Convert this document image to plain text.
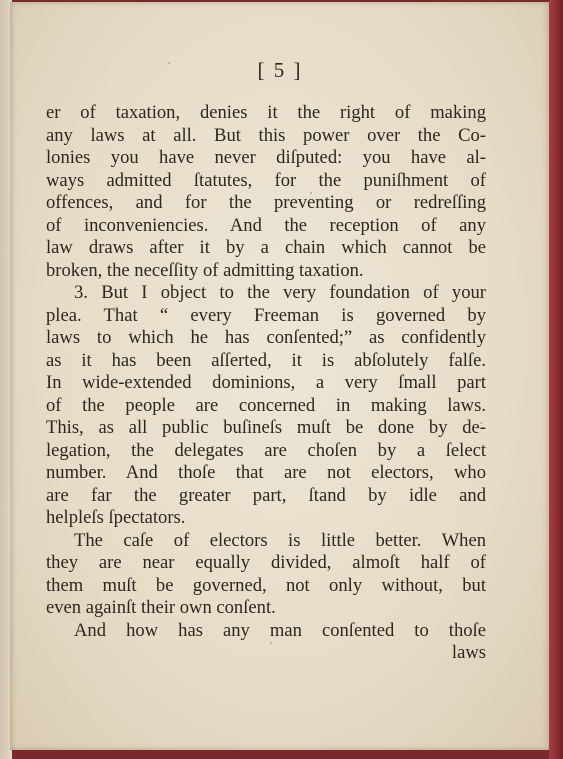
[ 5 ]
er of taxation, denies it the right of making
any laws at all. But this power over the Co-
lonies you have never diſputed: you have al-
ways admitted ſtatutes, for the puniſhment of
offences, and for the preventing or redreſſing
of inconveniencies. And the reception of any
law draws after it by a chain which cannot be
broken, the neceſſity of admitting taxation.
3. But I object to the very foundation of your
plea. That “ every Freeman is governed by
laws to which he has conſented;” as confidently
as it has been aſſerted, it is abſolutely falſe.
In wide-extended dominions, a very ſmall part
of the people are concerned in making laws.
This, as all public buſineſs muſt be done by de-
legation, the delegates are choſen by a ſelect
number. And thoſe that are not electors, who
are far the greater part, ſtand by idle and
helpleſs ſpectators.
The caſe of electors is little better. When
they are near equally divided, almoſt half of
them muſt be governed, not only without, but
even againſt their own conſent.
And how has any man conſented to thoſe
laws
